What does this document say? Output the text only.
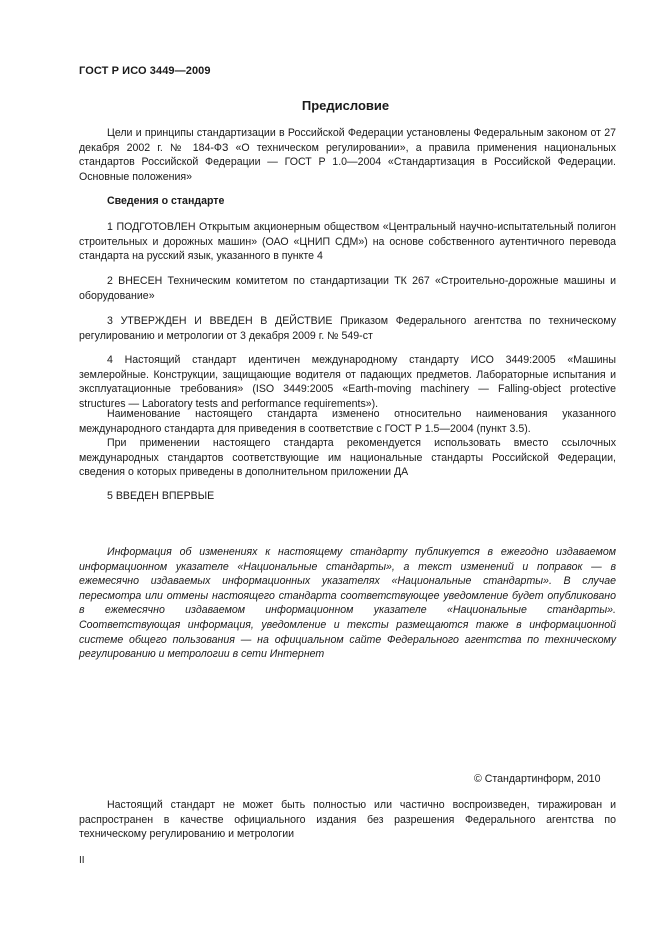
ГОСТ Р ИСО 3449—2009
Предисловие

Цели и принципы стандартизации в Российской Федерации установлены Федеральным законом от 27 декабря 2002 г. № 184-ФЗ «О техническом регулировании», а правила применения национальных стандартов Российской Федерации — ГОСТ Р 1.0—2004 «Стандартизация в Российской Федерации. Основные положения»

Сведения о стандарте

1 ПОДГОТОВЛЕН Открытым акционерным обществом «Центральный научно-испытательный полигон строительных и дорожных машин» (ОАО «ЦНИП СДМ») на основе собственного аутентичного перевода стандарта на русский язык, указанного в пункте 4

2 ВНЕСЕН Техническим комитетом по стандартизации ТК 267 «Строительно-дорожные машины и оборудование»

3 УТВЕРЖДЕН И ВВЕДЕН В ДЕЙСТВИЕ Приказом Федерального агентства по техническому регулированию и метрологии от 3 декабря 2009 г. № 549-ст

4 Настоящий стандарт идентичен международному стандарту ИСО 3449:2005 «Машины землеройные. Конструкции, защищающие водителя от падающих предметов. Лабораторные испытания и эксплуатационные требования» (ISO 3449:2005 «Earth-moving machinery — Falling-object protective structures — Laboratory tests and performance requirements»).

Наименование настоящего стандарта изменено относительно наименования указанного международного стандарта для приведения в соответствие с ГОСТ Р 1.5—2004 (пункт 3.5).

При применении настоящего стандарта рекомендуется использовать вместо ссылочных международных стандартов соответствующие им национальные стандарты Российской Федерации, сведения о которых приведены в дополнительном приложении ДА

5 ВВЕДЕН ВПЕРВЫЕ

Информация об изменениях к настоящему стандарту публикуется в ежегодно издаваемом информационном указателе «Национальные стандарты», а текст изменений и поправок — в ежемесячно издаваемых информационных указателях «Национальные стандарты». В случае пересмотра или отмены настоящего стандарта соответствующее уведомление будет опубликовано в ежемесячно издаваемом информационном указателе «Национальные стандарты». Соответствующая информация, уведомление и тексты размещаются также в информационной системе общего пользования — на официальном сайте Федерального агентства по техническому регулированию и метрологии в сети Интернет

© Стандартинформ, 2010

Настоящий стандарт не может быть полностью или частично воспроизведен, тиражирован и распространен в качестве официального издания без разрешения Федерального агентства по техническому регулированию и метрологии

II
